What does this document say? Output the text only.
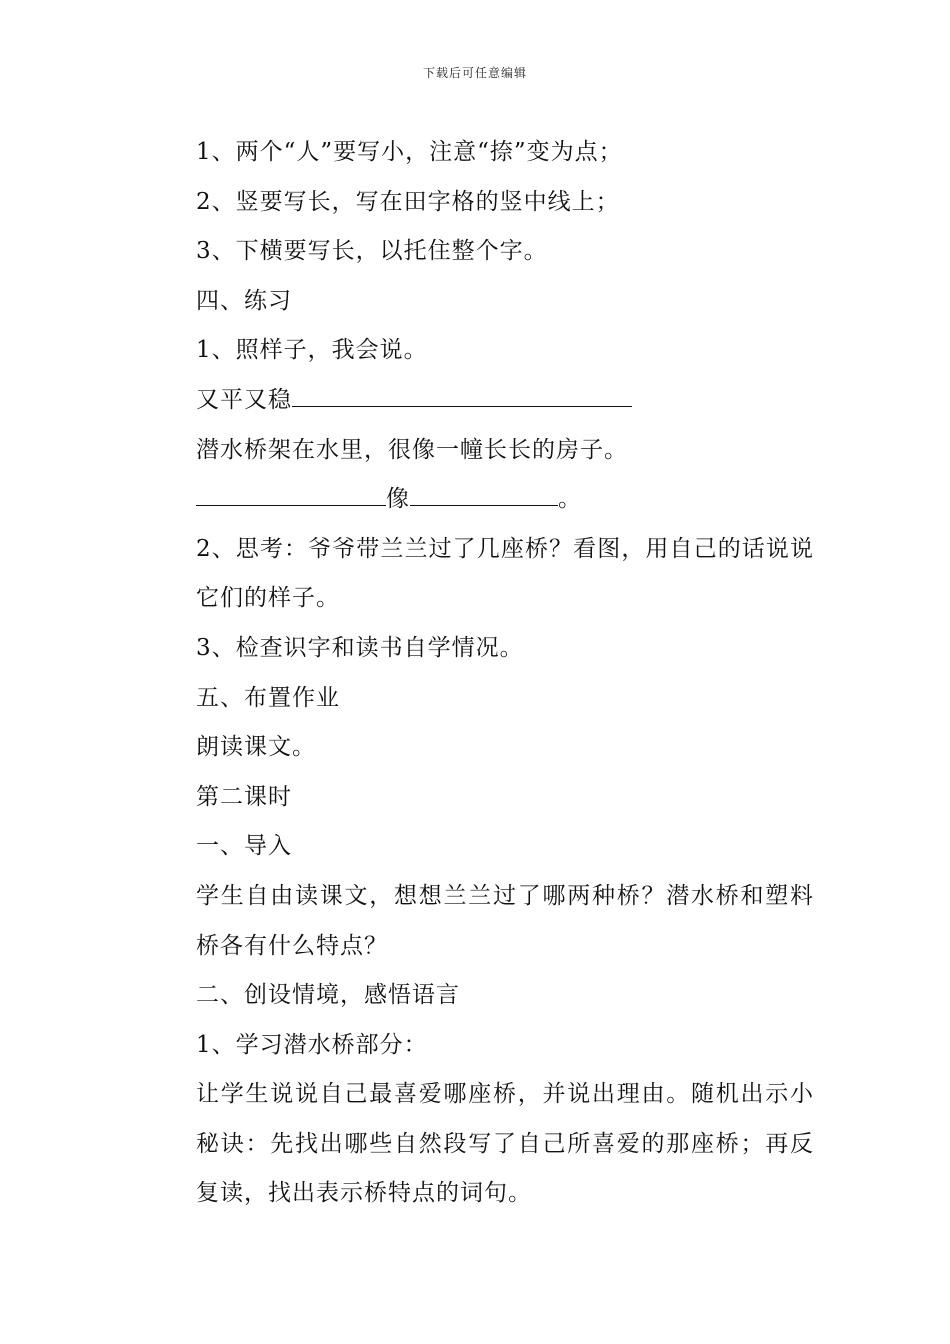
下载后可任意编辑
1、两个“人”要写小，注意“捺”变为点；
2、竖要写长，写在田字格的竖中线上；
3、下横要写长，以托住整个字。
四、练习
1、照样子，我会说。
又平又稳
潜水桥架在水里，很像一幢长长的房子。
像	。
2、思考：爷爷带兰兰过了几座桥？看图，用自己的话说说它们的样子。
3、检查识字和读书自学情况。
五、布置作业
朗读课文。
第二课时
一、导入
学生自由读课文，想想兰兰过了哪两种桥？潜水桥和塑料桥各有什么特点？
二、创设情境，感悟语言
1、学习潜水桥部分：
让学生说说自己最喜爱哪座桥，并说出理由。随机出示小秘诀：先找出哪些自然段写了自己所喜爱的那座桥；再反复读，找出表示桥特点的词句。
